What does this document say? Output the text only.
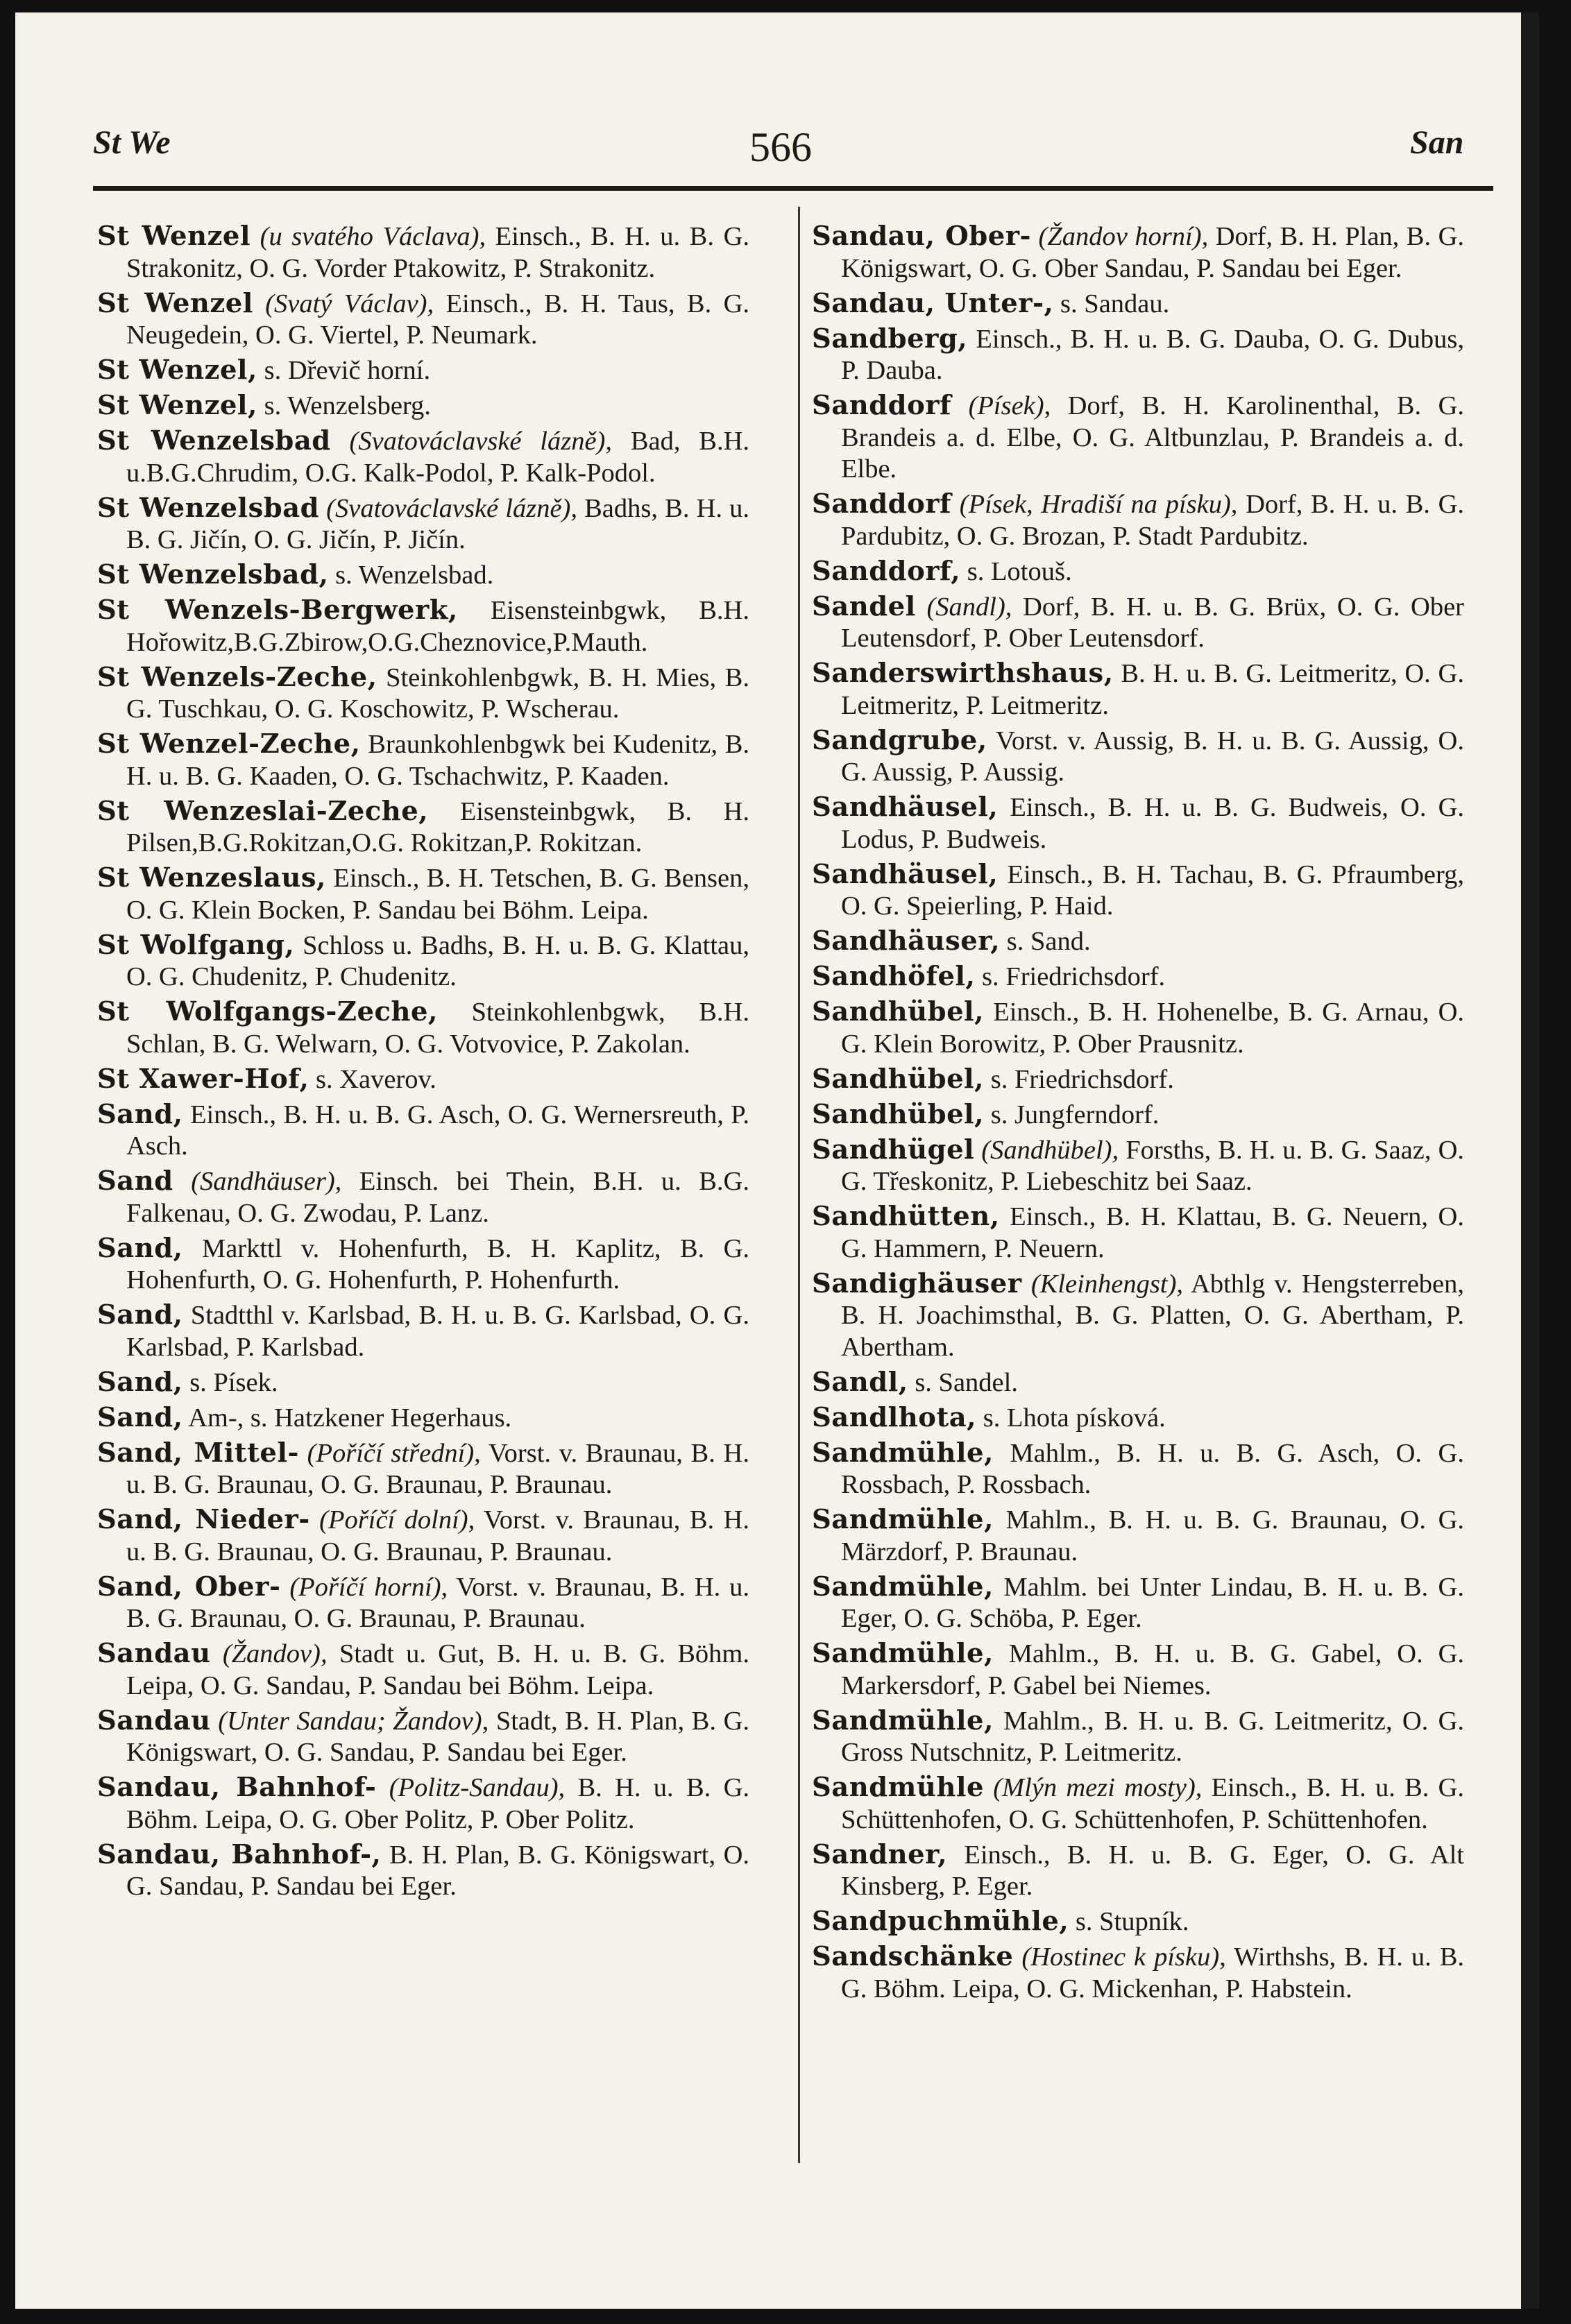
St We	566	San

St Wenzel (u svatého Václava), Einsch., B. H. u. B. G. Strakonitz, O. G. Vorder Ptakowitz, P. Strakonitz.

St Wenzel (Svatý Václav), Einsch., B. H. Taus, B. G. Neugedein, O. G. Viertel, P. Neumark.

St Wenzel, s. Dřevič horní.

St Wenzel, s. Wenzelsberg.

St Wenzelsbad (Svatováclavské lázně), Bad, B.H. u.B.G.Chrudim, O.G. Kalk-Podol, P. Kalk-Podol.

St Wenzelsbad (Svatováclavské lázně), Badhs, B. H. u. B. G. Jičín, O. G. Jičín, P. Jičín.

St Wenzelsbad, s. Wenzelsbad.

St Wenzels-Bergwerk, Eisensteinbgwk, B.H. Hořowitz,B.G.Zbirow,O.G.Cheznovice,P.Mauth.

St Wenzels-Zeche, Steinkohlenbgwk, B. H. Mies, B. G. Tuschkau, O. G. Koschowitz, P. Wscherau.

St Wenzel-Zeche, Braunkohlenbgwk bei Kudenitz, B. H. u. B. G. Kaaden, O. G. Tschachwitz, P. Kaaden.

St Wenzeslai-Zeche, Eisensteinbgwk, B. H. Pilsen,B.G.Rokitzan,O.G. Rokitzan,P. Rokitzan.

St Wenzeslaus, Einsch., B. H. Tetschen, B. G. Bensen, O. G. Klein Bocken, P. Sandau bei Böhm. Leipa.

St Wolfgang, Schloss u. Badhs, B. H. u. B. G. Klattau, O. G. Chudenitz, P. Chudenitz.

St Wolfgangs-Zeche, Steinkohlenbgwk, B.H. Schlan, B. G. Welwarn, O. G. Votvovice, P. Zakolan.

St Xawer-Hof, s. Xaverov.

Sand, Einsch., B. H. u. B. G. Asch, O. G. Wernersreuth, P. Asch.

Sand (Sandhäuser), Einsch. bei Thein, B.H. u. B.G. Falkenau, O. G. Zwodau, P. Lanz.

Sand, Markttl v. Hohenfurth, B. H. Kaplitz, B. G. Hohenfurth, O. G. Hohenfurth, P. Hohenfurth.

Sand, Stadtthl v. Karlsbad, B. H. u. B. G. Karlsbad, O. G. Karlsbad, P. Karlsbad.

Sand, s. Písek.

Sand, Am-, s. Hatzkener Hegerhaus.

Sand, Mittel- (Poříčí střední), Vorst. v. Braunau, B. H. u. B. G. Braunau, O. G. Braunau, P. Braunau.

Sand, Nieder- (Poříčí dolní), Vorst. v. Braunau, B. H. u. B. G. Braunau, O. G. Braunau, P. Braunau.

Sand, Ober- (Poříčí horní), Vorst. v. Braunau, B. H. u. B. G. Braunau, O. G. Braunau, P. Braunau.

Sandau (Žandov), Stadt u. Gut, B. H. u. B. G. Böhm. Leipa, O. G. Sandau, P. Sandau bei Böhm. Leipa.

Sandau (Unter Sandau; Žandov), Stadt, B. H. Plan, B. G. Königswart, O. G. Sandau, P. Sandau bei Eger.

Sandau, Bahnhof- (Politz-Sandau), B. H. u. B. G. Böhm. Leipa, O. G. Ober Politz, P. Ober Politz.

Sandau, Bahnhof-, B. H. Plan, B. G. Königswart, O. G. Sandau, P. Sandau bei Eger.

Sandau, Ober- (Žandov horní), Dorf, B. H. Plan, B. G. Königswart, O. G. Ober Sandau, P. Sandau bei Eger.

Sandau, Unter-, s. Sandau.

Sandberg, Einsch., B. H. u. B. G. Dauba, O. G. Dubus, P. Dauba.

Sanddorf (Písek), Dorf, B. H. Karolinenthal, B. G. Brandeis a. d. Elbe, O. G. Altbunzlau, P. Brandeis a. d. Elbe.

Sanddorf (Písek, Hradiší na písku), Dorf, B. H. u. B. G. Pardubitz, O. G. Brozan, P. Stadt Pardubitz.

Sanddorf, s. Lotouš.

Sandel (Sandl), Dorf, B. H. u. B. G. Brüx, O. G. Ober Leutensdorf, P. Ober Leutensdorf.

Sanderswirthshaus, B. H. u. B. G. Leitmeritz, O. G. Leitmeritz, P. Leitmeritz.

Sandgrube, Vorst. v. Aussig, B. H. u. B. G. Aussig, O. G. Aussig, P. Aussig.

Sandhäusel, Einsch., B. H. u. B. G. Budweis, O. G. Lodus, P. Budweis.

Sandhäusel, Einsch., B. H. Tachau, B. G. Pfraumberg, O. G. Speierling, P. Haid.

Sandhäuser, s. Sand.

Sandhöfel, s. Friedrichsdorf.

Sandhübel, Einsch., B. H. Hohenelbe, B. G. Arnau, O. G. Klein Borowitz, P. Ober Prausnitz.

Sandhübel, s. Friedrichsdorf.

Sandhübel, s. Jungferndorf.

Sandhügel (Sandhübel), Forsths, B. H. u. B. G. Saaz, O. G. Třeskonitz, P. Liebeschitz bei Saaz.

Sandhütten, Einsch., B. H. Klattau, B. G. Neuern, O. G. Hammern, P. Neuern.

Sandighäuser (Kleinhengst), Abthlg v. Hengsterreben, B. H. Joachimsthal, B. G. Platten, O. G. Abertham, P. Abertham.

Sandl, s. Sandel.

Sandlhota, s. Lhota písková.

Sandmühle, Mahlm., B. H. u. B. G. Asch, O. G. Rossbach, P. Rossbach.

Sandmühle, Mahlm., B. H. u. B. G. Braunau, O. G. Märzdorf, P. Braunau.

Sandmühle, Mahlm. bei Unter Lindau, B. H. u. B. G. Eger, O. G. Schöba, P. Eger.

Sandmühle, Mahlm., B. H. u. B. G. Gabel, O. G. Markersdorf, P. Gabel bei Niemes.

Sandmühle, Mahlm., B. H. u. B. G. Leitmeritz, O. G. Gross Nutschnitz, P. Leitmeritz.

Sandmühle (Mlýn mezi mosty), Einsch., B. H. u. B. G. Schüttenhofen, O. G. Schüttenhofen, P. Schüttenhofen.

Sandner, Einsch., B. H. u. B. G. Eger, O. G. Alt Kinsberg, P. Eger.

Sandpuchmühle, s. Stupník.

Sandschänke (Hostinec k písku), Wirthshs, B. H. u. B. G. Böhm. Leipa, O. G. Mickenhan, P. Habstein.
